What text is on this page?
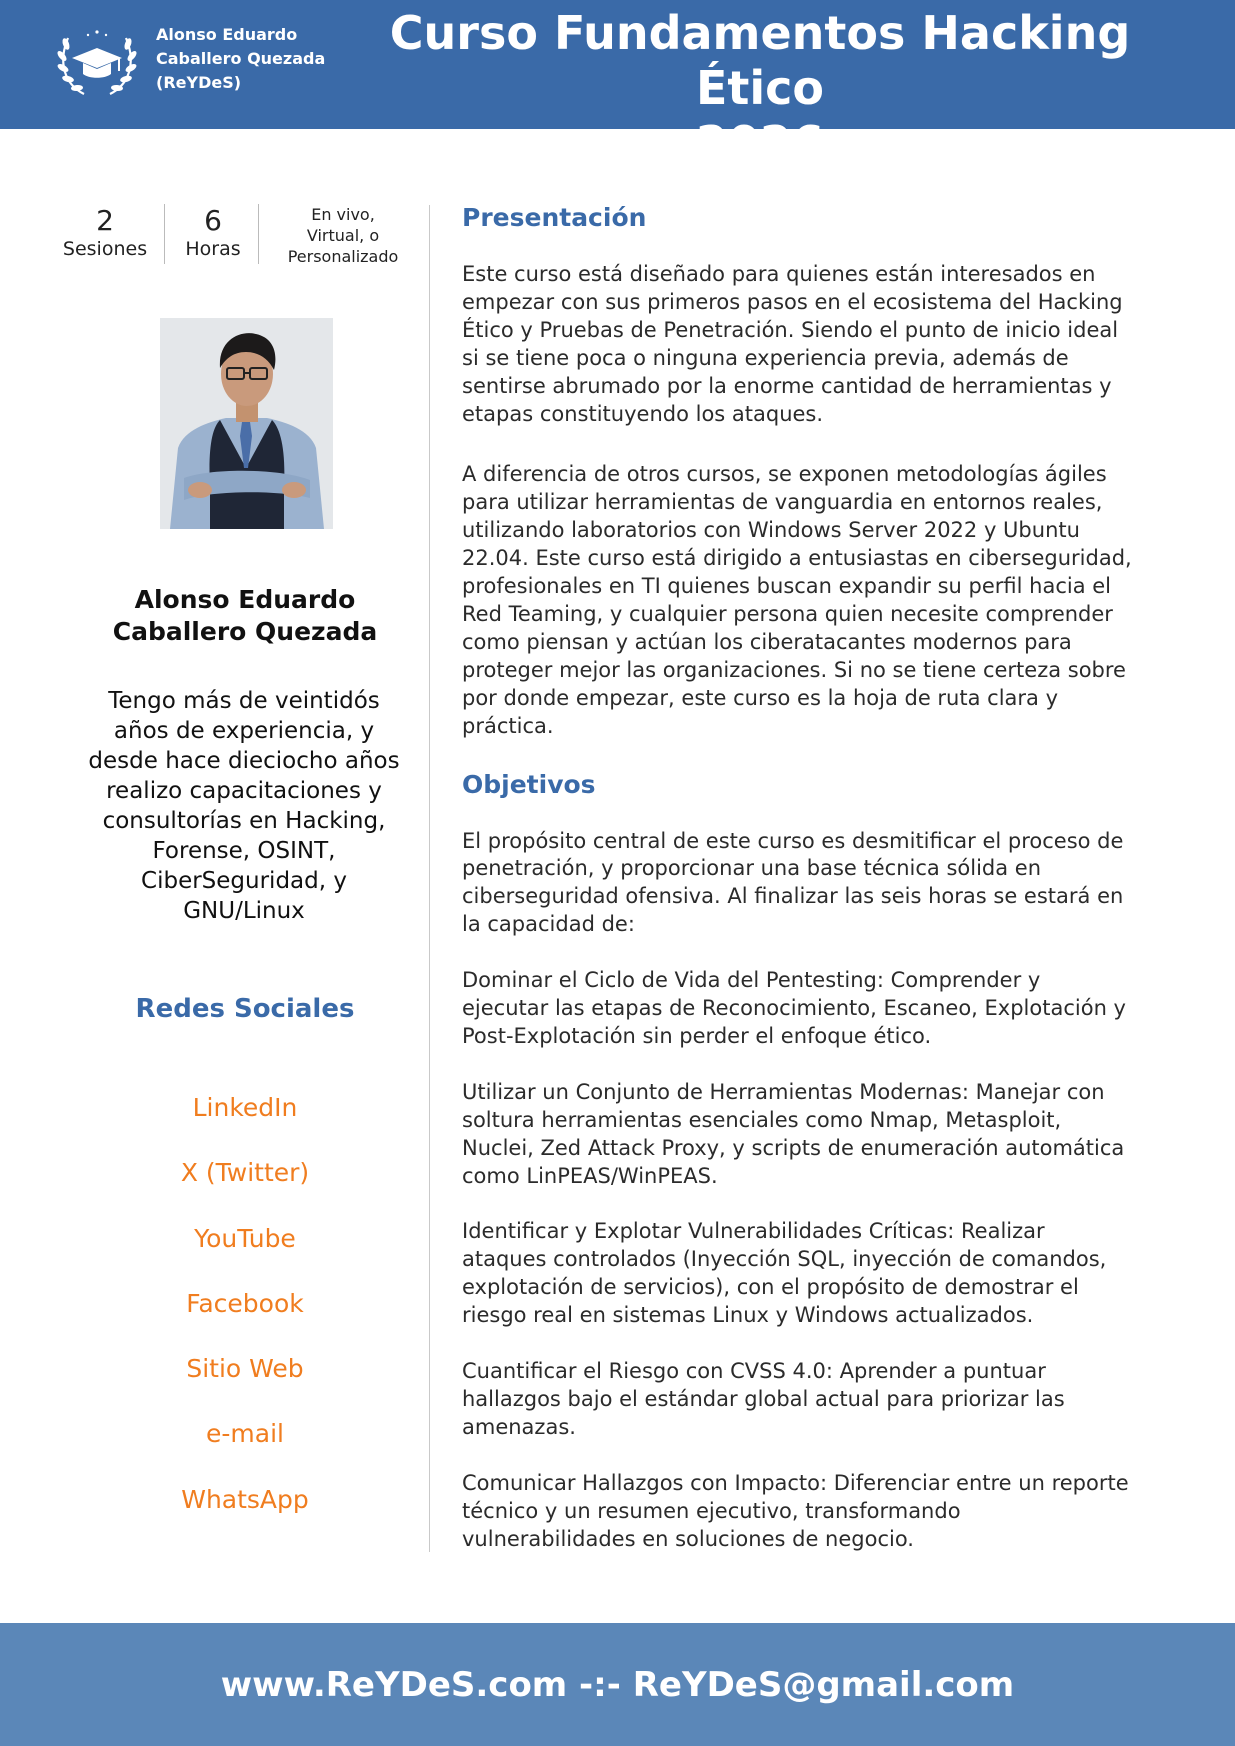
Alonso Eduardo
Caballero Quezada
(ReYDeS)
Curso Fundamentos Hacking Ético
2026
2
Sesiones
6
Horas
En vivo,
Virtual, o
Personalizado
Alonso Eduardo
Caballero Quezada

Tengo más de veintidós
años de experiencia, y
desde hace dieciocho años
realizo capacitaciones y
consultorías en Hacking,
Forense, OSINT,
CiberSeguridad, y
GNU/Linux

Redes Sociales
LinkedIn
X (Twitter)
YouTube
Facebook
Sitio Web
e-mail
WhatsApp
Presentación

Este curso está diseñado para quienes están interesados en
empezar con sus primeros pasos en el ecosistema del Hacking
Ético y Pruebas de Penetración. Siendo el punto de inicio ideal
si se tiene poca o ninguna experiencia previa, además de
sentirse abrumado por la enorme cantidad de herramientas y
etapas constituyendo los ataques.

A diferencia de otros cursos, se exponen metodologías ágiles
para utilizar herramientas de vanguardia en entornos reales,
utilizando laboratorios con Windows Server 2022 y Ubuntu
22.04. Este curso está dirigido a entusiastas en ciberseguridad,
profesionales en TI quienes buscan expandir su perfil hacia el
Red Teaming, y cualquier persona quien necesite comprender
como piensan y actúan los ciberatacantes modernos para
proteger mejor las organizaciones. Si no se tiene certeza sobre
por donde empezar, este curso es la hoja de ruta clara y
práctica.

Objetivos

El propósito central de este curso es desmitificar el proceso de
penetración, y proporcionar una base técnica sólida en
ciberseguridad ofensiva. Al finalizar las seis horas se estará en
la capacidad de:

Dominar el Ciclo de Vida del Pentesting: Comprender y
ejecutar las etapas de Reconocimiento, Escaneo, Explotación y
Post-Explotación sin perder el enfoque ético.

Utilizar un Conjunto de Herramientas Modernas: Manejar con
soltura herramientas esenciales como Nmap, Metasploit,
Nuclei, Zed Attack Proxy, y scripts de enumeración automática
como LinPEAS/WinPEAS.

Identificar y Explotar Vulnerabilidades Críticas: Realizar
ataques controlados (Inyección SQL, inyección de comandos,
explotación de servicios), con el propósito de demostrar el
riesgo real en sistemas Linux y Windows actualizados.

Cuantificar el Riesgo con CVSS 4.0: Aprender a puntuar
hallazgos bajo el estándar global actual para priorizar las
amenazas.

Comunicar Hallazgos con Impacto: Diferenciar entre un reporte
técnico y un resumen ejecutivo, transformando
vulnerabilidades en soluciones de negocio.

www.ReYDeS.com -:- ReYDeS@gmail.com
